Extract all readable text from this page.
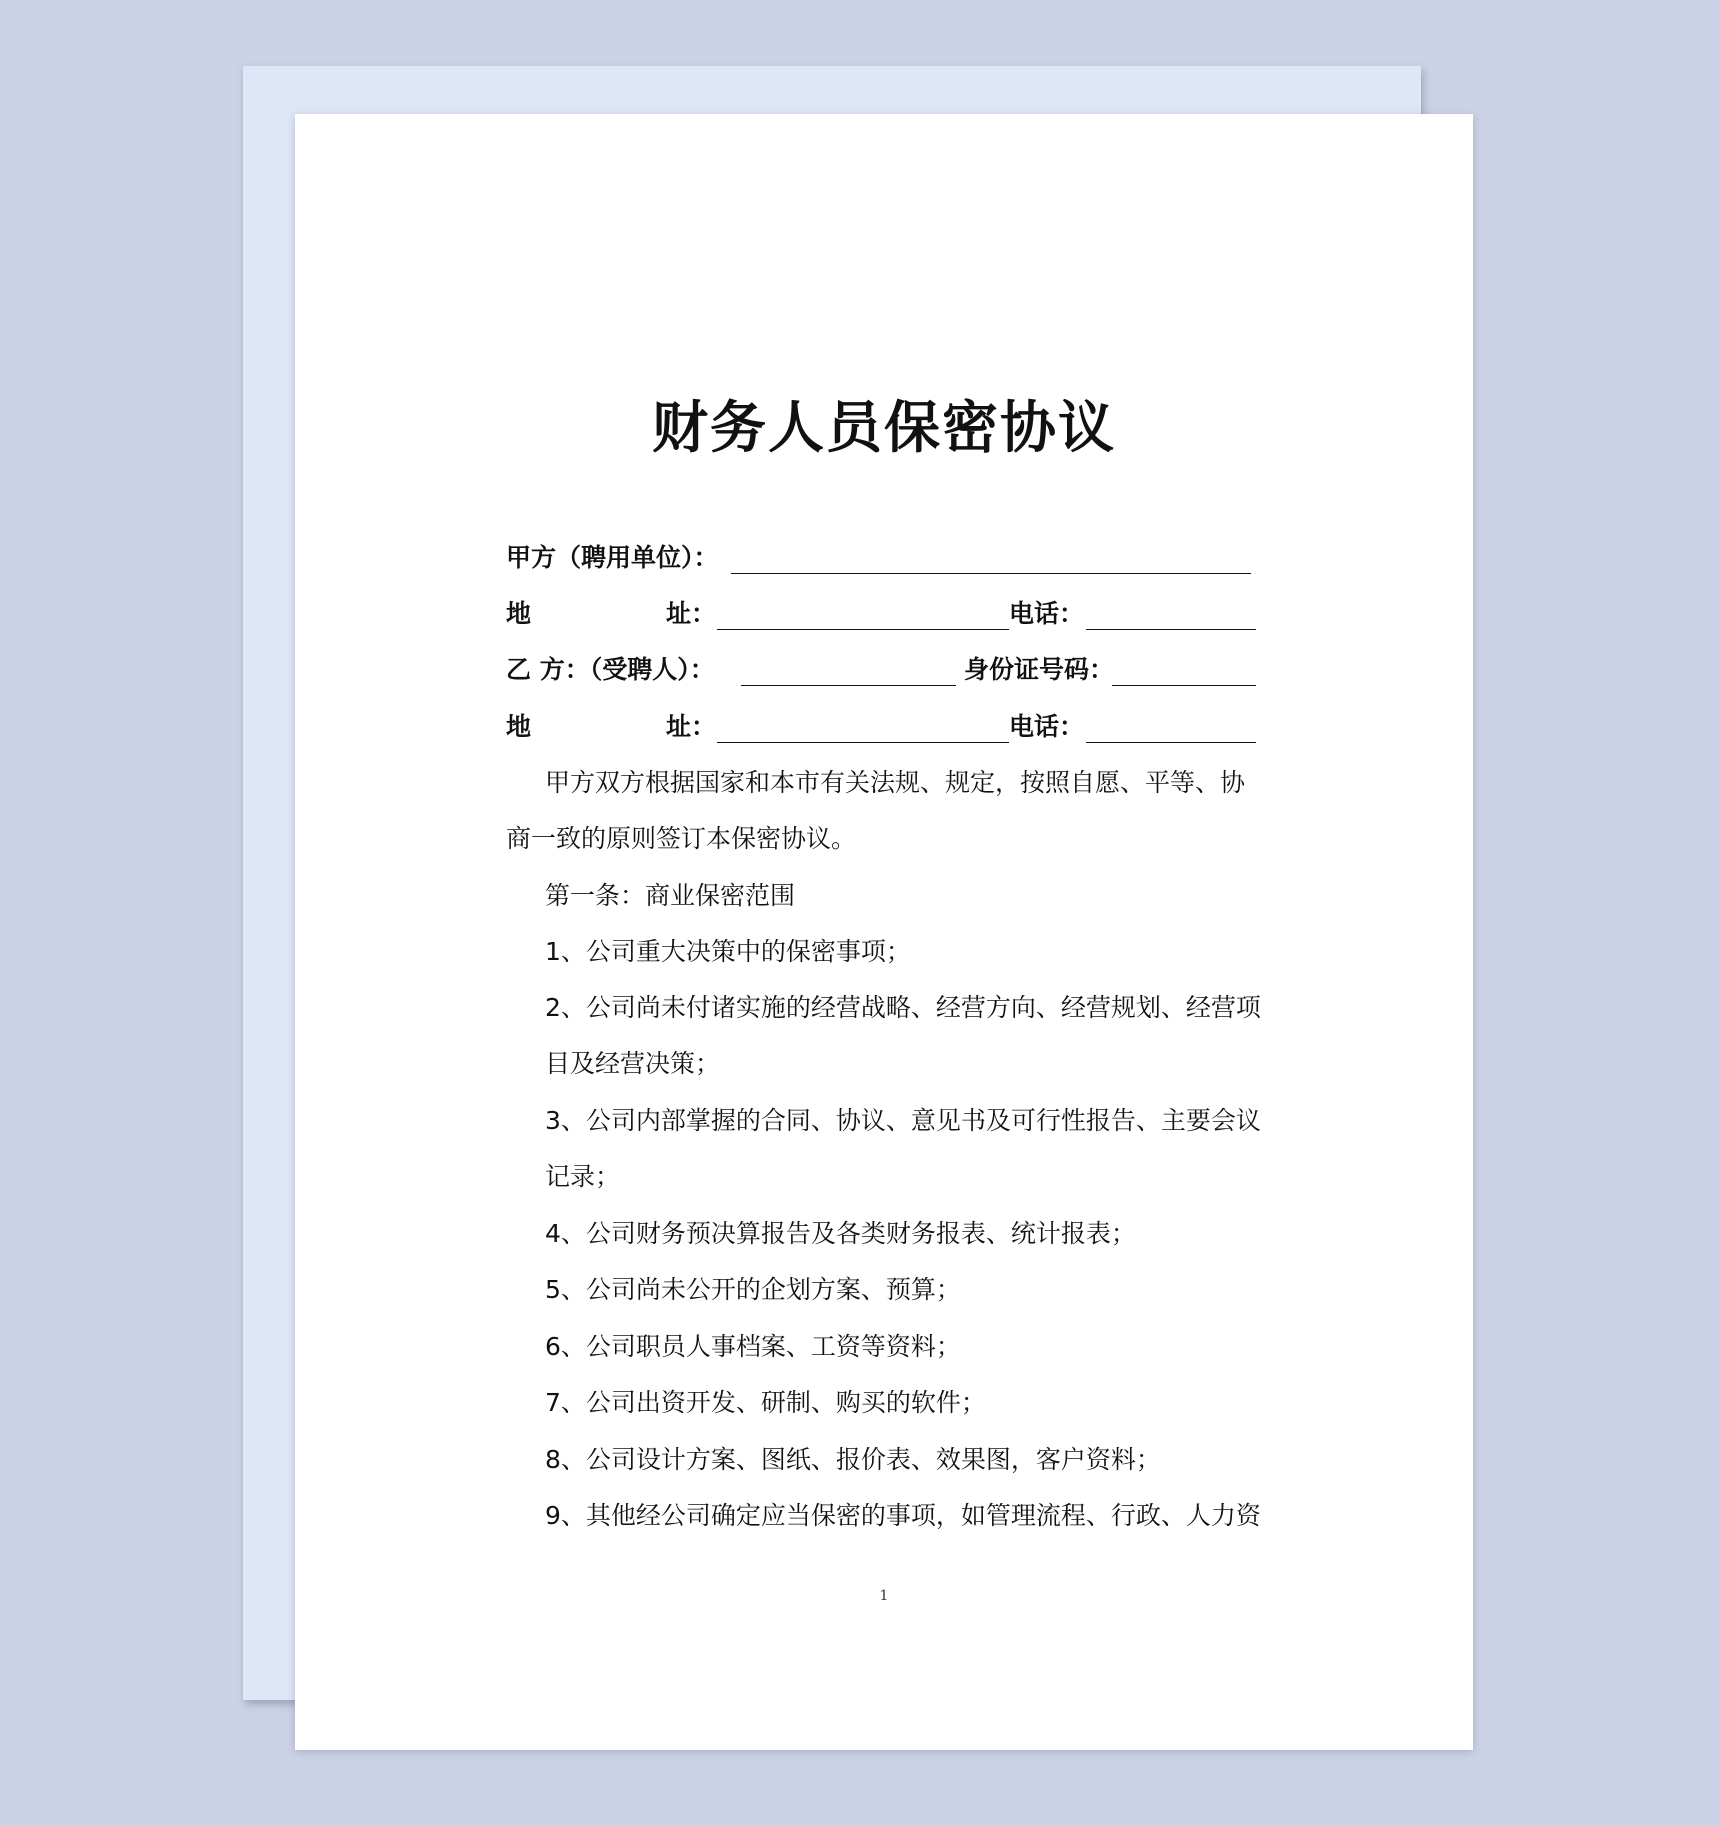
财务人员保密协议
甲方（聘用单位）：
地	址：	电话：
乙 方：（受聘人）：	身份证号码：
地	址：	电话：
甲方双方根据国家和本市有关法规、规定，按照自愿、平等、协
商一致的原则签订本保密协议。
第一条：商业保密范围
1、公司重大决策中的保密事项；
2、公司尚未付诸实施的经营战略、经营方向、经营规划、经营项
目及经营决策；
3、公司内部掌握的合同、协议、意见书及可行性报告、主要会议
记录；
4、公司财务预决算报告及各类财务报表、统计报表；
5、公司尚未公开的企划方案、预算；
6、公司职员人事档案、工资等资料；
7、公司出资开发、研制、购买的软件；
8、公司设计方案、图纸、报价表、效果图，客户资料；
9、其他经公司确定应当保密的事项，如管理流程、行政、人力资
1
